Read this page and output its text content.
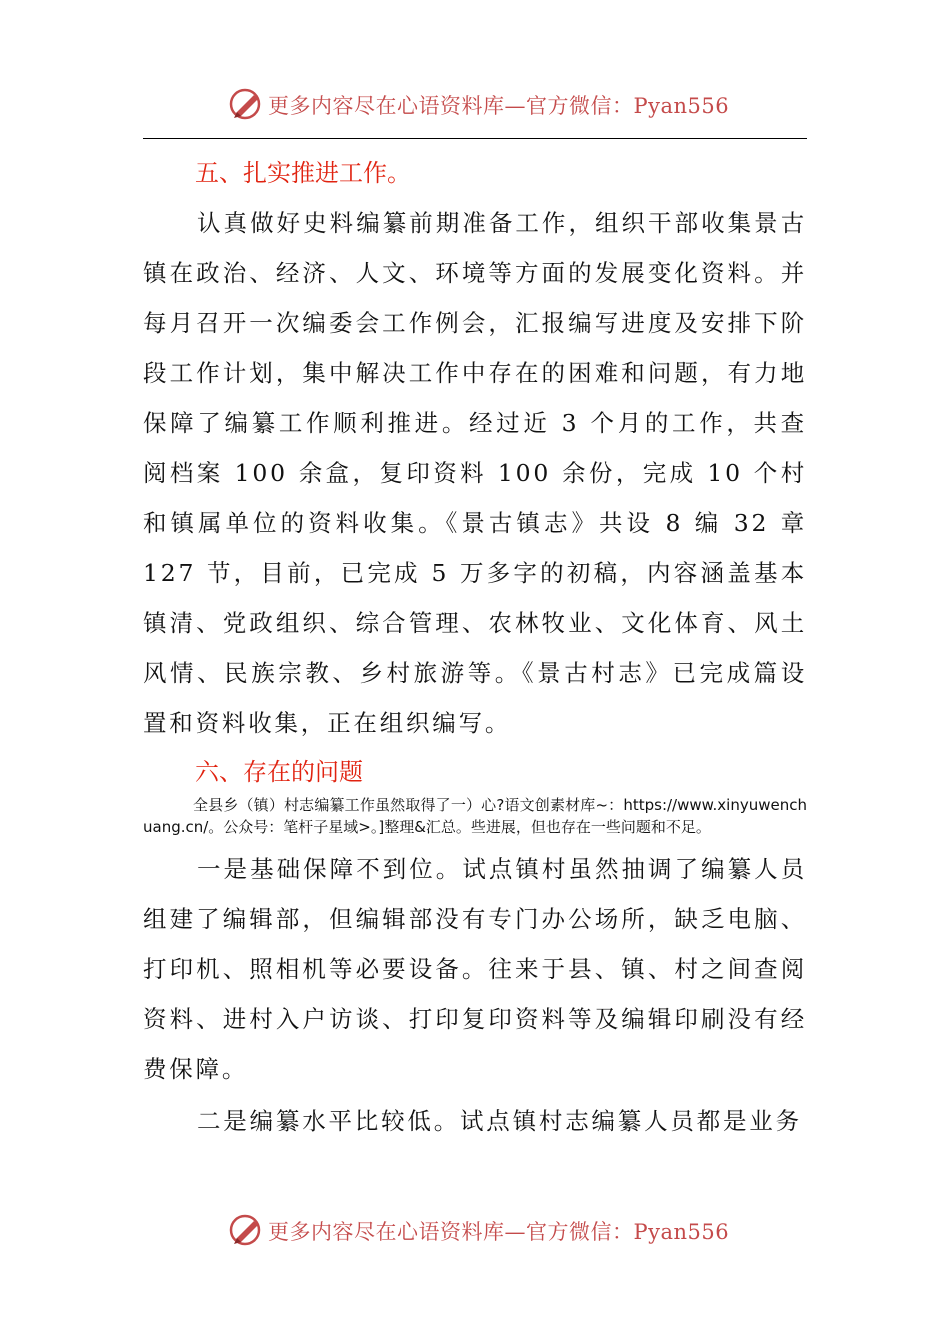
更多内容尽在心语资料库—官方微信：Pyan556
五、扎实推进工作。

认真做好史料编纂前期准备工作，组织干部收集景古镇在政治、经济、人文、环境等方面的发展变化资料。并每月召开一次编委会工作例会，汇报编写进度及安排下阶段工作计划，集中解决工作中存在的困难和问题，有力地保障了编纂工作顺利推进。经过近 3 个月的工作，共查阅档案 100 余盒，复印资料 100 余份，完成 10 个村和镇属单位的资料收集。《景古镇志》共设 8 编 32 章 127 节，目前，已完成 5 万多字的初稿，内容涵盖基本镇清、党政组织、综合管理、农林牧业、文化体育、风土风情、民族宗教、乡村旅游等。《景古村志》已完成篇设置和资料收集，正在组织编写。

六、存在的问题

全县乡（镇）村志编纂工作虽然取得了一）心?语文创素材库~：https://www.xinyuwenchuang.cn/。公众号：笔杆子星域>。]整理&汇总。些进展，但也存在一些问题和不足。

一是基础保障不到位。试点镇村虽然抽调了编纂人员组建了编辑部，但编辑部没有专门办公场所，缺乏电脑、打印机、照相机等必要设备。往来于县、镇、村之间查阅资料、进村入户访谈、打印复印资料等及编辑印刷没有经费保障。

二是编纂水平比较低。试点镇村志编纂人员都是业务

更多内容尽在心语资料库—官方微信：Pyan556
